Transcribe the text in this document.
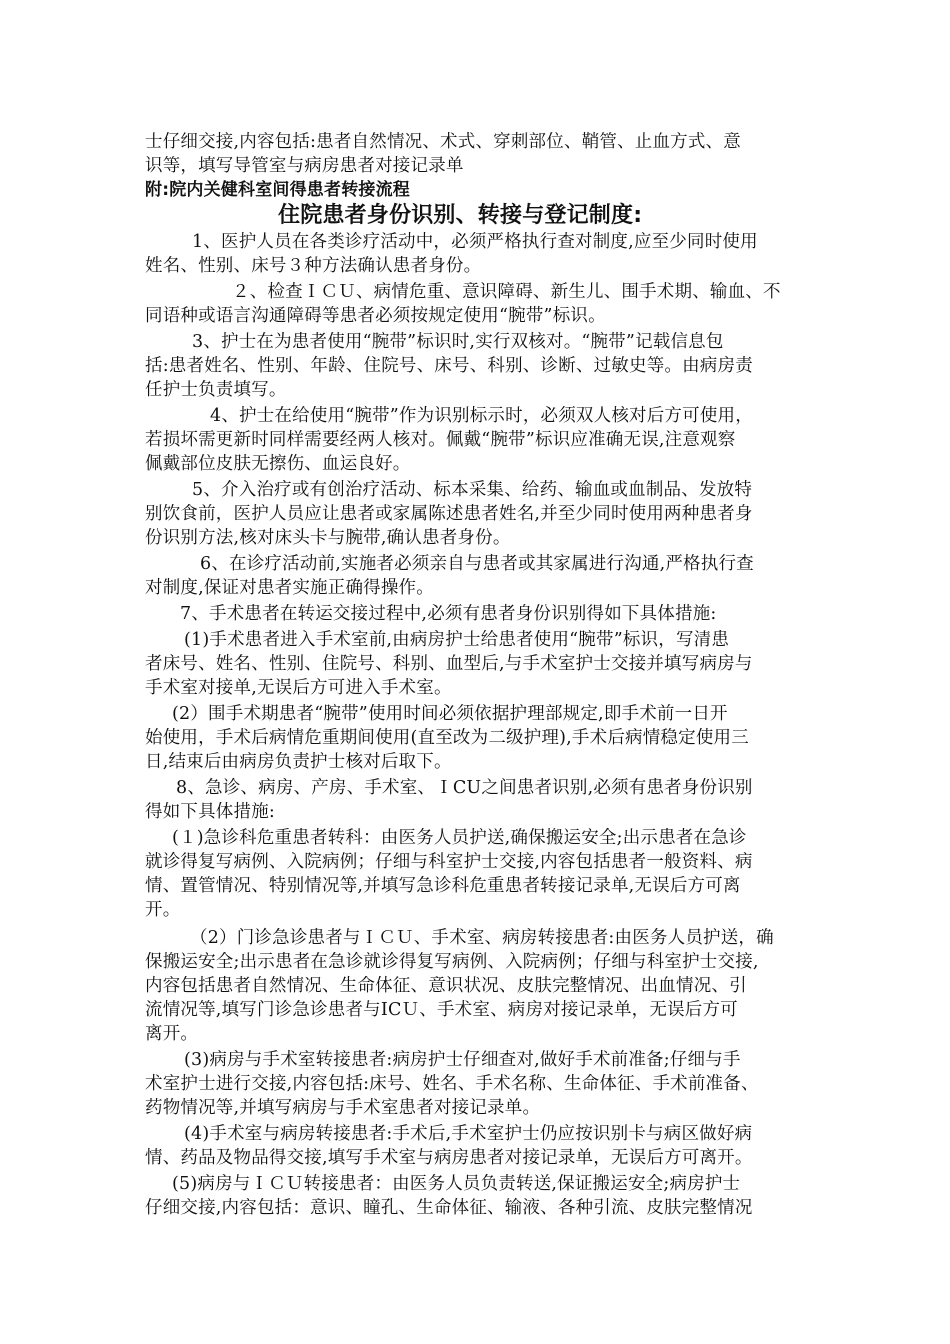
士仔细交接,内容包括:患者自然情况、术式、穿刺部位、鞘管、止血方式、意
识等，填写导管室与病房患者对接记录单
附:院内关健科室间得患者转接流程
住院患者身份识别、转接与登记制度:
1、医护人员在各类诊疗活动中，必须严格执行查对制度,应至少同时使用
姓名、性别、床号３种方法确认患者身份。
２、检查ＩＣＵ、病情危重、意识障碍、新生儿、围手术期、输血、不
同语种或语言沟通障碍等患者必须按规定使用“腕带”标识。
3、护士在为患者使用“腕带”标识时,实行双核对。“腕带”记载信息包
括:患者姓名、性别、年龄、住院号、床号、科别、诊断、过敏史等。由病房责
任护士负责填写。
4、护士在给使用“腕带”作为识别标示时，必须双人核对后方可使用，
若损坏需更新时同样需要经两人核对。佩戴“腕带”标识应准确无误,注意观察
佩戴部位皮肤无擦伤、血运良好。
5、介入治疗或有创治疗活动、标本采集、给药、输血或血制品、发放特
别饮食前，医护人员应让患者或家属陈述患者姓名,并至少同时使用两种患者身
份识别方法,核对床头卡与腕带,确认患者身份。
6、在诊疗活动前,实施者必须亲自与患者或其家属进行沟通,严格执行查
对制度,保证对患者实施正确得操作。
7、手术患者在转运交接过程中,必须有患者身份识别得如下具体措施:
(1)手术患者进入手术室前,由病房护士给患者使用“腕带”标识，写清患
者床号、姓名、性别、住院号、科别、血型后,与手术室护士交接并填写病房与
手术室对接单,无误后方可进入手术室。
(2）围手术期患者“腕带”使用时间必须依据护理部规定,即手术前一日开
始使用，手术后病情危重期间使用(直至改为二级护理),手术后病情稳定使用三
日,结束后由病房负责护士核对后取下。
8、急诊、病房、产房、手术室、ＩCU之间患者识别,必须有患者身份识别
得如下具体措施:
(１)急诊科危重患者转科：由医务人员护送,确保搬运安全;出示患者在急诊
就诊得复写病例、入院病例；仔细与科室护士交接,内容包括患者一般资料、病
情、置管情况、特别情况等,并填写急诊科危重患者转接记录单,无误后方可离
开。
（2）门诊急诊患者与ＩＣＵ、手术室、病房转接患者:由医务人员护送，确
保搬运安全;出示患者在急诊就诊得复写病例、入院病例；仔细与科室护士交接,
内容包括患者自然情况、生命体征、意识状况、皮肤完整情况、出血情况、引
流情况等,填写门诊急诊患者与ICＵ、手术室、病房对接记录单，无误后方可
离开。
(3)病房与手术室转接患者:病房护士仔细查对,做好手术前准备;仔细与手
术室护士进行交接,内容包括:床号、姓名、手术名称、生命体征、手术前准备、
药物情况等,并填写病房与手术室患者对接记录单。
(4)手术室与病房转接患者:手术后,手术室护士仍应按识别卡与病区做好病
情、药品及物品得交接,填写手术室与病房患者对接记录单，无误后方可离开。
(5)病房与ＩＣＵ转接患者：由医务人员负责转送,保证搬运安全;病房护士
仔细交接,内容包括：意识、瞳孔、生命体征、输液、各种引流、皮肤完整情况
